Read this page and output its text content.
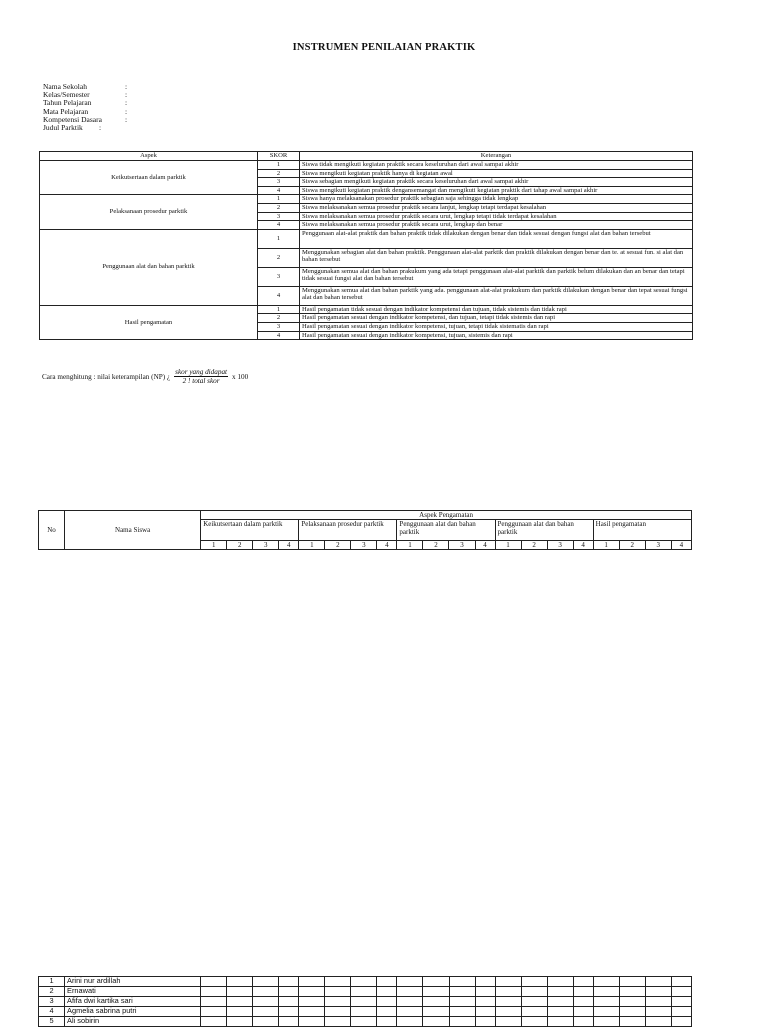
INSTRUMEN PENILAIAN PRAKTIK
Nama Sekolah	:
Kelas/Semester	:
Tahun Pelajaran	:
Mata Pelajaran	:
Kompetensi Dasara	:
Judul Parktik	:
Aspek	SKOR	Keterangan
Keikutsertaan dalam parktik	1	Siswa tidak mengikuti kegiatan praktik secara keseluruhan dari awal sampai akhir
	2	Siswa mengikuti kegiatan praktik hanya di kegiatan awal
	3	Siswa sebagian mengikuti kegiatan praktik secara keseluruhan dari awal sampai akhir
	4	Siswa mengikuti kegiatan praktik dengansemangat dan mengikuti kegiatan praktik dari tahap awal sampai akhir
Pelaksanaan prosedur parktik	1	Siswa hanya melaksanakan prosedur praktik sebagian saja sehingga tidak lengkap
	2	Siswa melaksanakan semua prosedur praktik secara lanjut, lengkap tetapi terdapat kesalahan
	3	Siswa melaksanakan semua prosedur praktik secara urut, lengkap tetapi tidak terdapat kesalahan
	4	Siswa melaksanakan semua prosedur praktik secara urut, lengkap dan benar
Penggunaan alat dan bahan parktik	1	Penggunaan alat-alat praktik dan bahan praktik tidak dilakukan dengan benar dan tidak sesuai dengan fungsi alat dan bahan tersebut
	2	Menggunakan sebagian alat dan bahan praktik. Penggunaan alat-alat parktik dan praktik dilakukan dengan benar dan te. at sesuai fun. si alat dan bahan tersebut
	3	Menggunakan semua alat dan bahan prakukum yang ada tetapi penggunaan alat-alat parktik dan parktik belum dilakukan dan an benar dan tetapi tidak sesuai fungsi alat dan bahan tersebut
	4	Menggunakan semua alat dan bahan parktik yang ada. penggunaan alat-alat prakukum dan parktik dilakukan dengan benar dan tepat sesuai fungsi alat dan bahan tersebut
Hasil pengamatan	1	Hasil pengamatan tidak sesuai dengan indikator kompetensi dan tujuan, tidak sistemis dan tidak rapi
	2	Hasil pengamatan sesuai dengan indikator kompetensi, dan tujuan, tetapi tidak sistemis dan rapi
	3	Hasil pengamatan sesuai dengan indikator kompetensi, tujuan, tetapi tidak sistematis dan rapi
	4	Hasil pengamatan sesuai dengan indikator kompetensi, tujuan, sistemis dan rapi
Cara menghitung : nilai keterampilan (NP) ¿ $\frac{\text{skor yang didapat}}{\text{2 ! total skor}}$ x 100
No	Nama Siswa	Aspek Pengamatan																			
		Keikutsertaan dalam parktik				Pelaksanaan prosedur parktik				Penggunaan alat dan bahan parktik				Penggunaan alat dan bahan parktik				Hasil pengamatan			
		1	2	3	4	1	2	3	4	1	2	3	4	1	2	3	4	1	2	3	4
1	Arini nur ardillah																				
2	Ernawati																				
3	Afifa dwi kartika sari																				
4	Agmelia sabrina putri																				
5	Ali sobirin																				
